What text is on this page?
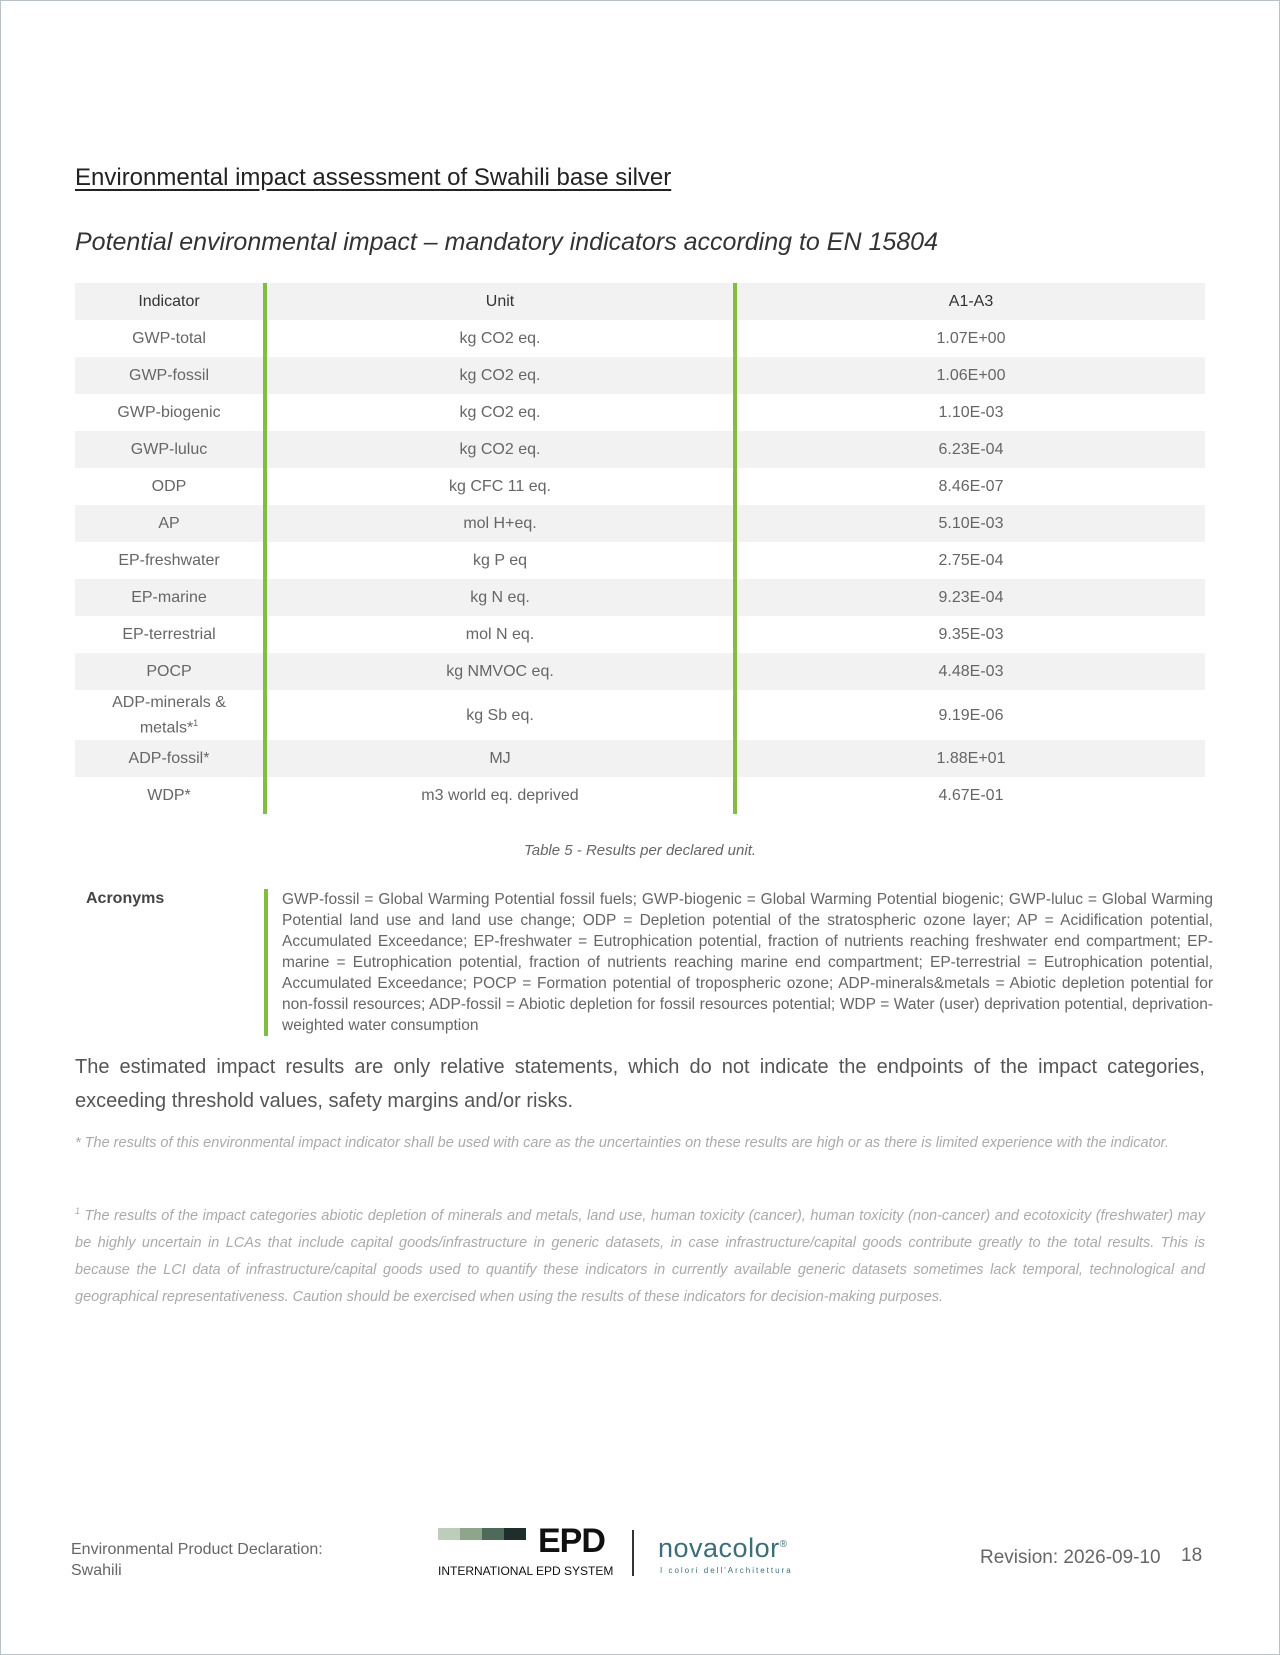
Environmental impact assessment of Swahili base silver
Potential environmental impact – mandatory indicators according to EN 15804
Indicator	Unit	A1-A3
GWP-total	kg CO2 eq.	1.07E+00
GWP-fossil	kg CO2 eq.	1.06E+00
GWP-biogenic	kg CO2 eq.	1.10E-03
GWP-luluc	kg CO2 eq.	6.23E-04
ODP	kg CFC 11 eq.	8.46E-07
AP	mol H+eq.	5.10E-03
EP-freshwater	kg P eq	2.75E-04
EP-marine	kg N eq.	9.23E-04
EP-terrestrial	mol N eq.	9.35E-03
POCP	kg NMVOC eq.	4.48E-03
ADP-minerals & metals*$^1$	kg Sb eq.	9.19E-06
ADP-fossil*	MJ	1.88E+01
WDP*	m3 world eq. deprived	4.67E-01
Table 5 - Results per declared unit.
Acronyms	GWP-fossil = Global Warming Potential fossil fuels; GWP-biogenic = Global Warming Potential biogenic; GWP-luluc = Global Warming Potential land use and land use change; ODP = Depletion potential of the stratospheric ozone layer; AP = Acidification potential, Accumulated Exceedance; EP-freshwater = Eutrophication potential, fraction of nutrients reaching freshwater end compartment; EP-marine = Eutrophication potential, fraction of nutrients reaching marine end compartment; EP-terrestrial = Eutrophication potential, Accumulated Exceedance; POCP = Formation potential of tropospheric ozone; ADP-minerals&metals = Abiotic depletion potential for non-fossil resources; ADP-fossil = Abiotic depletion for fossil resources potential; WDP = Water (user) deprivation potential, deprivation-weighted water consumption

The estimated impact results are only relative statements, which do not indicate the endpoints of the impact categories, exceeding threshold values, safety margins and/or risks.

* The results of this environmental impact indicator shall be used with care as the uncertainties on these results are high or as there is limited experience with the indicator.

$^1$ The results of the impact categories abiotic depletion of minerals and metals, land use, human toxicity (cancer), human toxicity (non-cancer) and ecotoxicity (freshwater) may be highly uncertain in LCAs that include capital goods/infrastructure in generic datasets, in case infrastructure/capital goods contribute greatly to the total results. This is because the LCI data of infrastructure/capital goods used to quantify these indicators in currently available generic datasets sometimes lack temporal, technological and geographical representativeness. Caution should be exercised when using the results of these indicators for decision-making purposes.

Environmental Product Declaration:
Swahili
EPD
INTERNATIONAL EPD SYSTEM
novacolor®
I colori dell'Architettura
Revision: 2026-09-10 18
